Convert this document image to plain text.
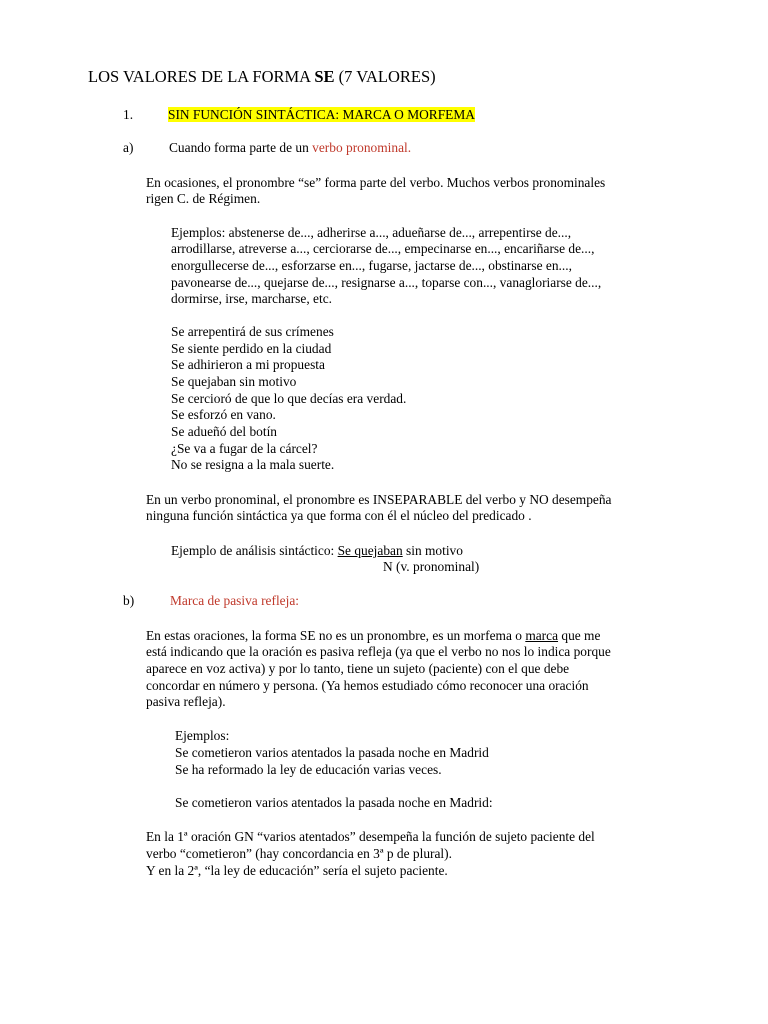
LOS VALORES DE LA FORMA SE (7 VALORES)
1.	SIN FUNCIÓN SINTÁCTICA: MARCA O MORFEMA
a)	Cuando forma parte de un verbo pronominal.
En ocasiones, el pronombre “se” forma parte del verbo. Muchos verbos pronominales
rigen C. de Régimen.
Ejemplos: abstenerse de..., adherirse a..., adueñarse de..., arrepentirse de...,
arrodillarse, atreverse a..., cerciorarse de..., empecinarse en..., encariñarse de...,
enorgullecerse de..., esforzarse en..., fugarse, jactarse de..., obstinarse en...,
pavonearse de..., quejarse de..., resignarse a..., toparse con..., vanagloriarse de...,
dormirse, irse, marcharse, etc.
Se arrepentirá de sus crímenes
Se siente perdido en la ciudad
Se adhirieron a mi propuesta
Se quejaban sin motivo
Se cercioró de que lo que decías era verdad.
Se esforzó en vano.
Se adueñó del botín
¿Se va a fugar de la cárcel?
No se resigna a la mala suerte.
En un verbo pronominal, el pronombre es INSEPARABLE del verbo y NO desempeña
ninguna función sintáctica ya que forma con él el núcleo del predicado .
Ejemplo de análisis sintáctico: Se quejaban sin motivo
N (v. pronominal)
b)	Marca de pasiva refleja:
En estas oraciones, la forma SE no es un pronombre, es un morfema o marca que me
está indicando que la oración es pasiva refleja (ya que el verbo no nos lo indica porque
aparece en voz activa) y por lo tanto, tiene un sujeto (paciente) con el que debe
concordar en número y persona. (Ya hemos estudiado cómo reconocer una oración
pasiva refleja).
Ejemplos:
Se cometieron varios atentados la pasada noche en Madrid
Se ha reformado la ley de educación varias veces.
Se cometieron varios atentados la pasada noche en Madrid:
En la 1ª oración GN “varios atentados” desempeña la función de sujeto paciente del
verbo “cometieron” (hay concordancia en 3ª p de plural).
Y en la 2ª, “la ley de educación” sería el sujeto paciente.
